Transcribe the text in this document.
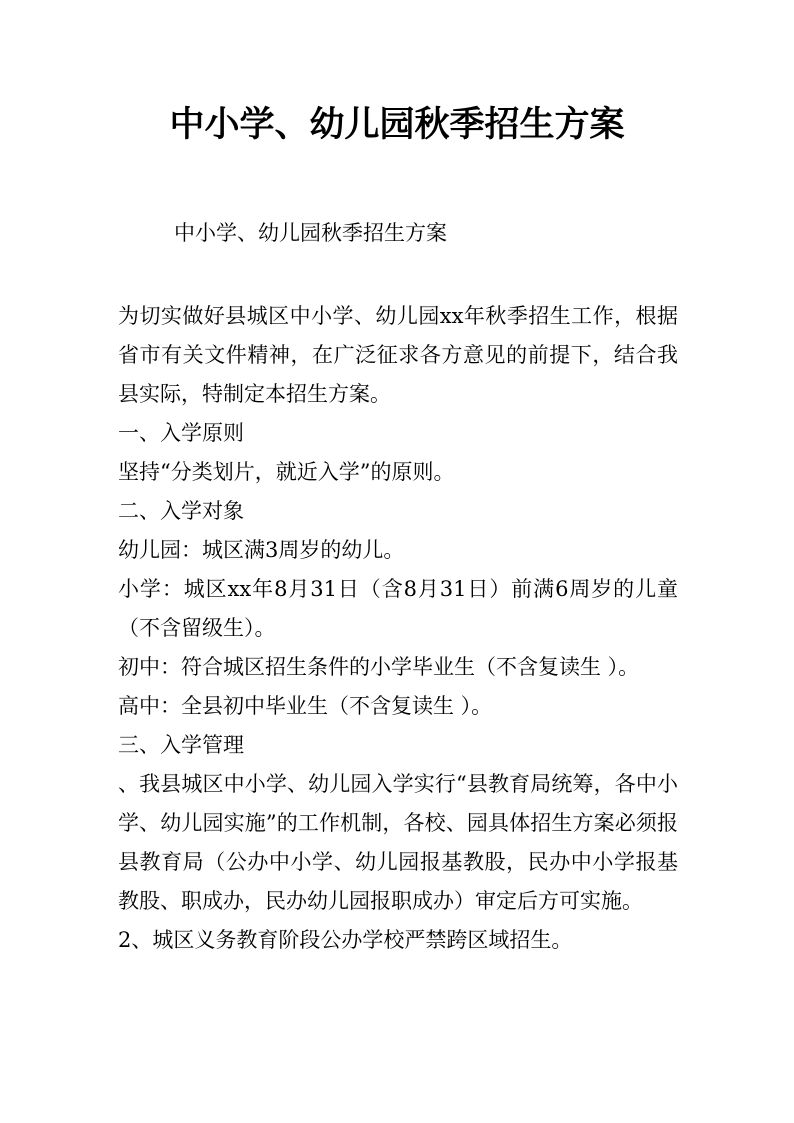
中小学、幼儿园秋季招生方案

中小学、幼儿园秋季招生方案

为切实做好县城区中小学、幼儿园xx年秋季招生工作，根据省市有关文件精神，在广泛征求各方意见的前提下，结合我县实际，特制定本招生方案。

一、入学原则

坚持“分类划片，就近入学”的原则。

二、入学对象

幼儿园：城区满3周岁的幼儿。

小学：城区xx年8月31日（含8月31日）前满6周岁的儿童（不含留级生）。

初中：符合城区招生条件的小学毕业生（不含复读生 ）。

高中：全县初中毕业生（不含复读生 ）。

三、入学管理

、我县城区中小学、幼儿园入学实行“县教育局统筹，各中小学、幼儿园实施”的工作机制，各校、园具体招生方案必须报县教育局（公办中小学、幼儿园报基教股，民办中小学报基教股、职成办，民办幼儿园报职成办）审定后方可实施。

2、城区义务教育阶段公办学校严禁跨区域招生。
